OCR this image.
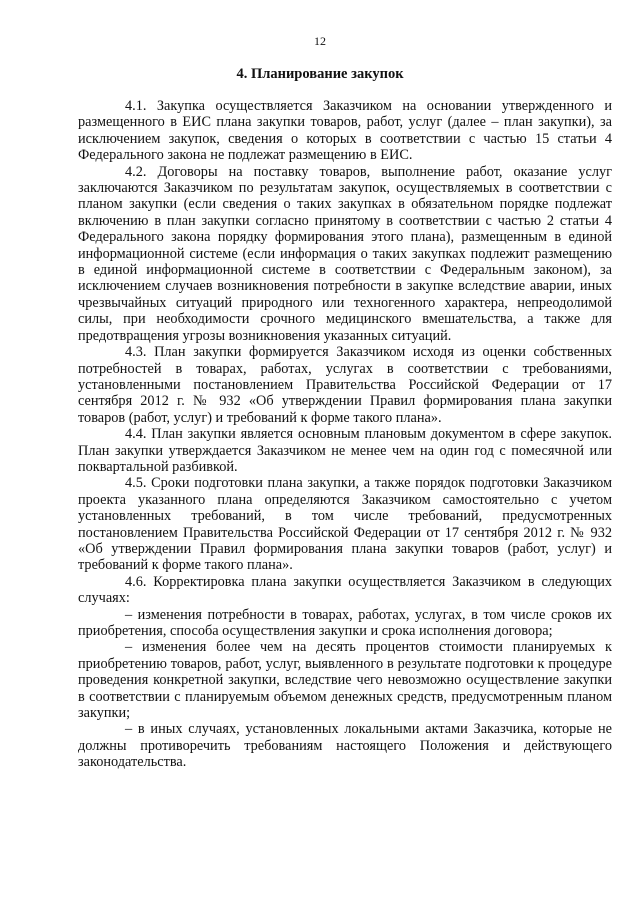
12
4. Планирование закупок

4.1. Закупка осуществляется Заказчиком на основании утвержденного и размещенного в ЕИС плана закупки товаров, работ, услуг (далее – план закупки), за исключением закупок, сведения о которых в соответствии с частью 15 статьи 4 Федерального закона не подлежат размещению в ЕИС.

4.2. Договоры на поставку товаров, выполнение работ, оказание услуг заключаются Заказчиком по результатам закупок, осуществляемых в соответствии с планом закупки (если сведения о таких закупках в обязательном порядке подлежат включению в план закупки согласно принятому в соответствии с частью 2 статьи 4 Федерального закона порядку формирования этого плана), размещенным в единой информационной системе (если информация о таких закупках подлежит размещению в единой информационной системе в соответствии с Федеральным законом), за исключением случаев возникновения потребности в закупке вследствие аварии, иных чрезвычайных ситуаций природного или техногенного характера, непреодолимой силы, при необходимости срочного медицинского вмешательства, а также для предотвращения угрозы возникновения указанных ситуаций.

4.3. План закупки формируется Заказчиком исходя из оценки собственных потребностей в товарах, работах, услугах в соответствии с требованиями, установленными постановлением Правительства Российской Федерации от 17 сентября 2012 г. № 932 «Об утверждении Правил формирования плана закупки товаров (работ, услуг) и требований к форме такого плана».

4.4. План закупки является основным плановым документом в сфере закупок. План закупки утверждается Заказчиком не менее чем на один год с помесячной или поквартальной разбивкой.

4.5. Сроки подготовки плана закупки, а также порядок подготовки Заказчиком проекта указанного плана определяются Заказчиком самостоятельно с учетом установленных требований, в том числе требований, предусмотренных постановлением Правительства Российской Федерации от 17 сентября 2012 г. № 932 «Об утверждении Правил формирования плана закупки товаров (работ, услуг) и требований к форме такого плана».

4.6. Корректировка плана закупки осуществляется Заказчиком в следующих случаях:

– изменения потребности в товарах, работах, услугах, в том числе сроков их приобретения, способа осуществления закупки и срока исполнения договора;

– изменения более чем на десять процентов стоимости планируемых к приобретению товаров, работ, услуг, выявленного в результате подготовки к процедуре проведения конкретной закупки, вследствие чего невозможно осуществление закупки в соответствии с планируемым объемом денежных средств, предусмотренным планом закупки;

– в иных случаях, установленных локальными актами Заказчика, которые не должны противоречить требованиям настоящего Положения и действующего законодательства.
